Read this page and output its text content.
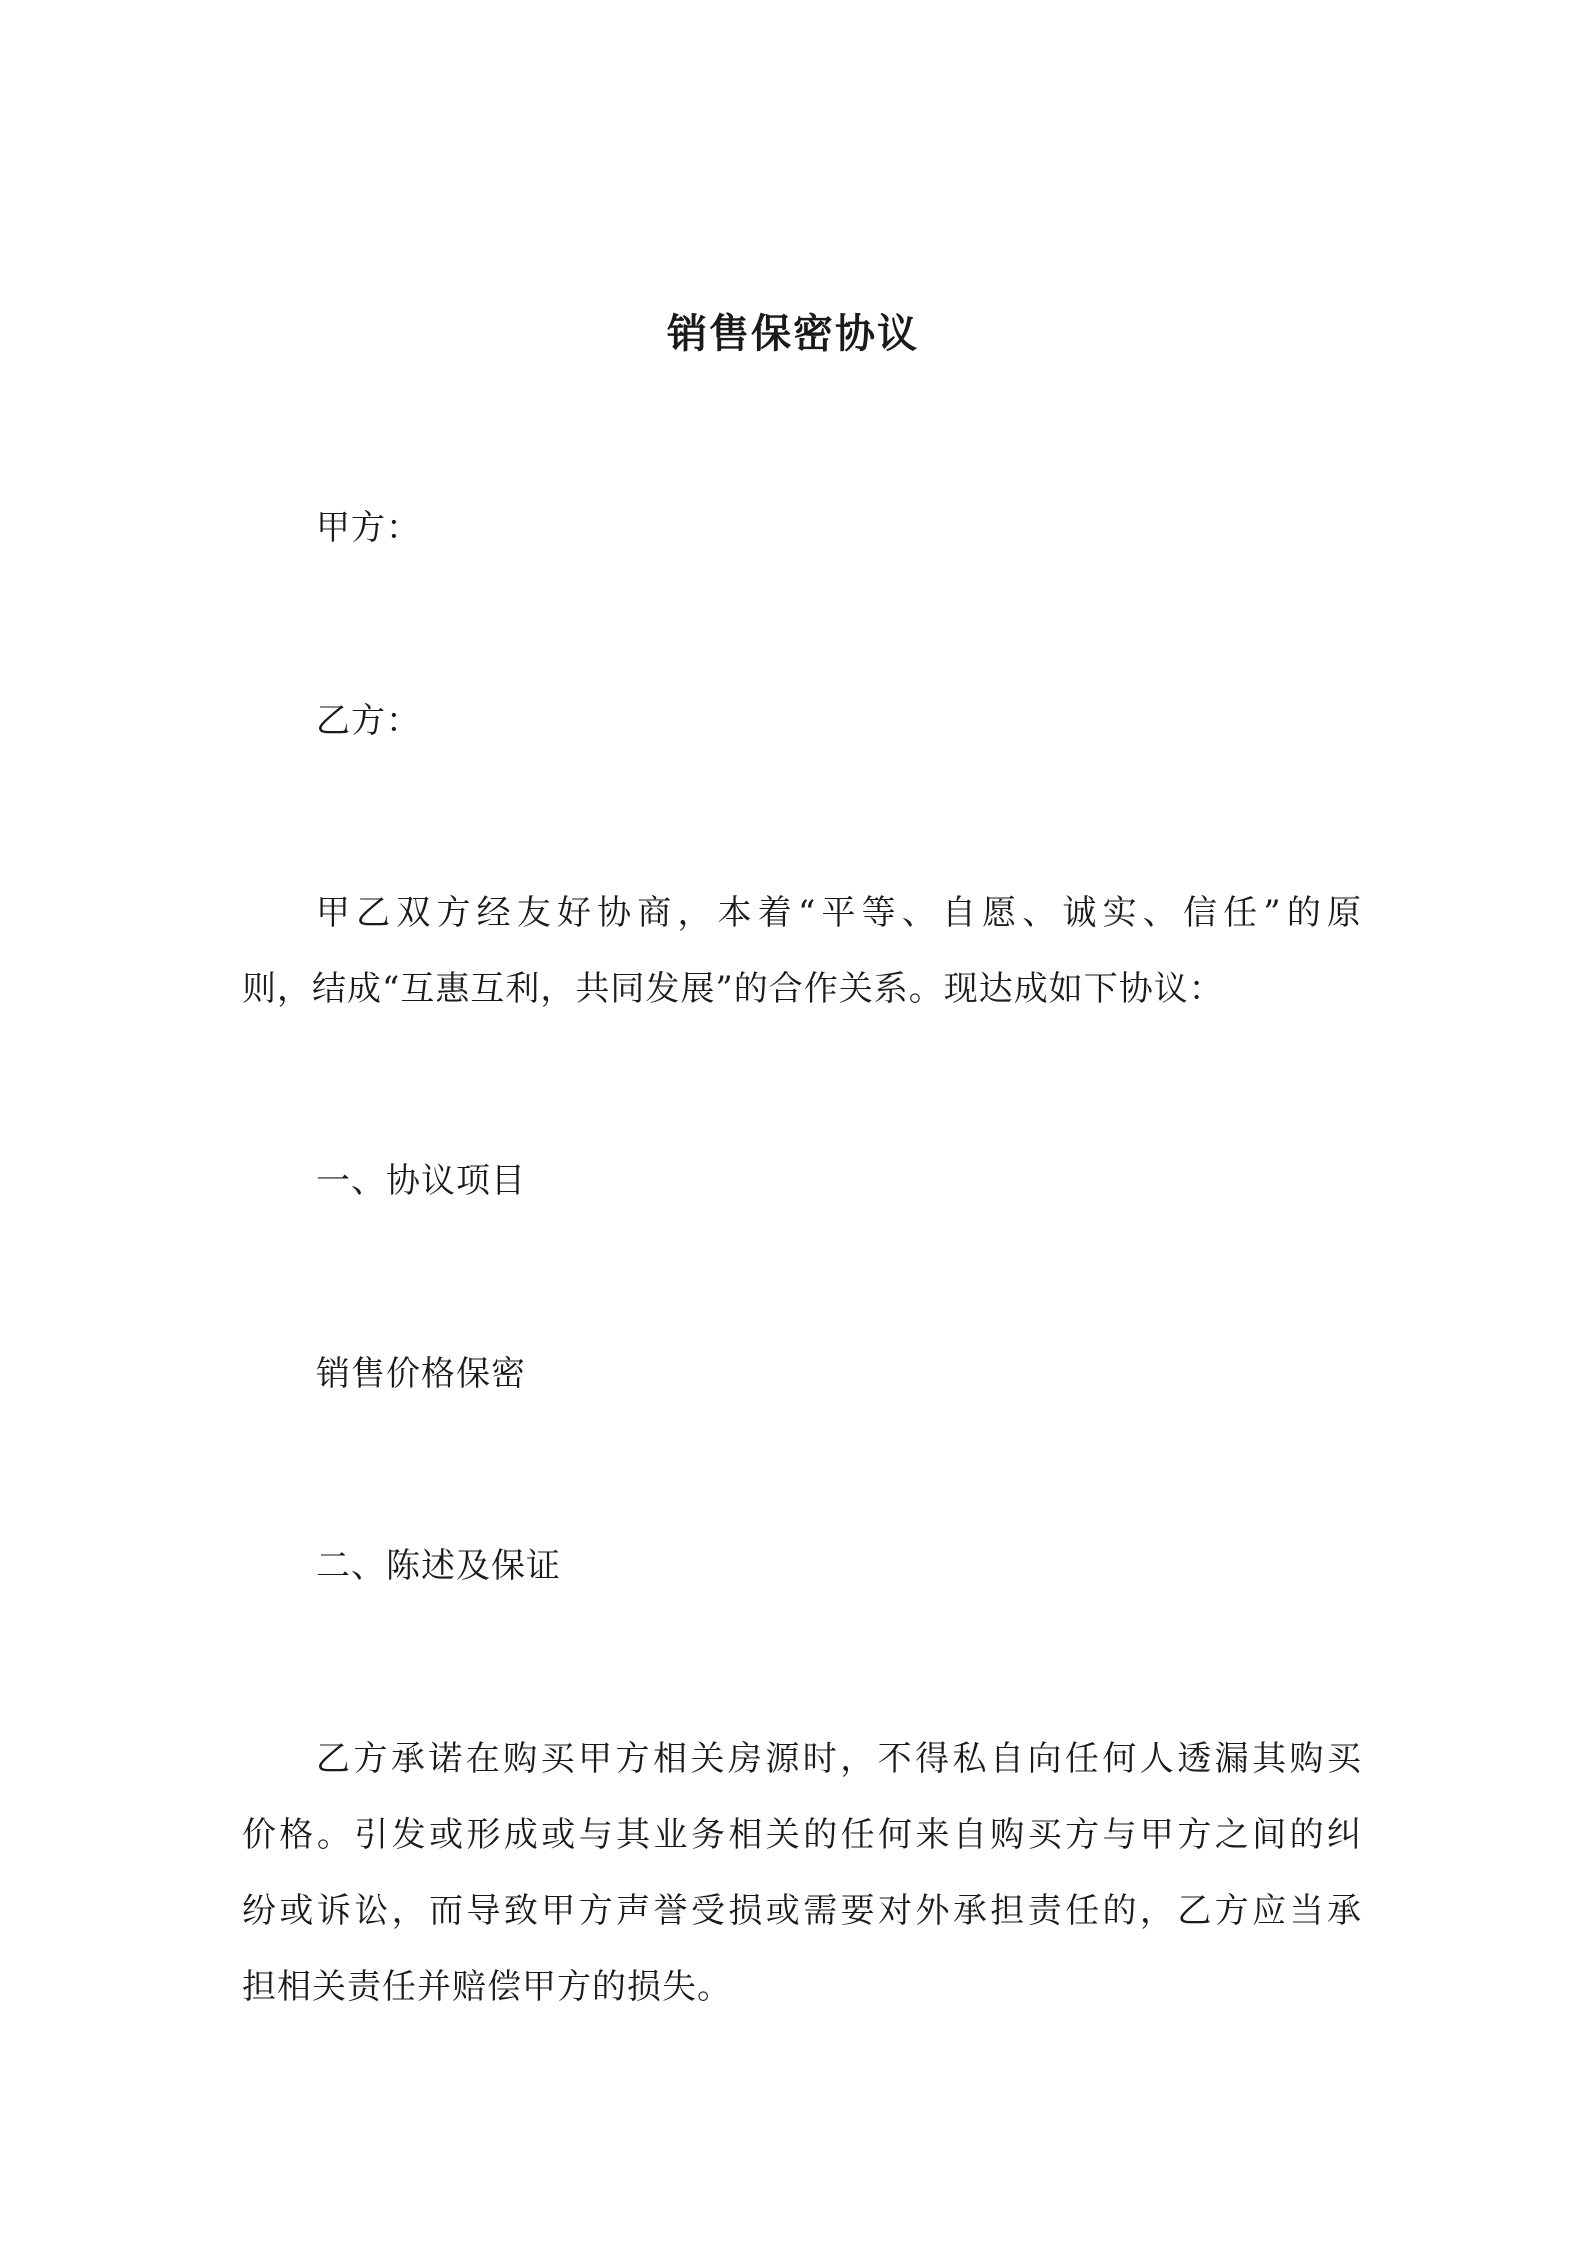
销售保密协议
甲方：
乙方：
甲乙双方经友好协商，本着“平等、自愿、诚实、信任”的原
则，结成“互惠互利，共同发展”的合作关系。现达成如下协议：
一、协议项目
销售价格保密
二、陈述及保证
乙方承诺在购买甲方相关房源时，不得私自向任何人透漏其购买
价格。引发或形成或与其业务相关的任何来自购买方与甲方之间的纠
纷或诉讼，而导致甲方声誉受损或需要对外承担责任的，乙方应当承
担相关责任并赔偿甲方的损失。
